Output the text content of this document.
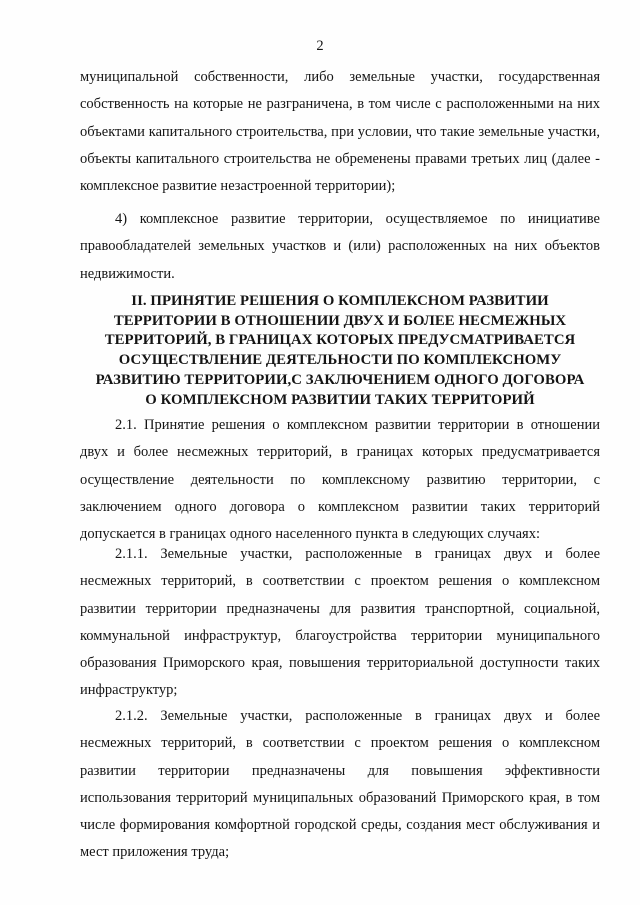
2

муниципальной собственности, либо земельные участки, государственная собственность на которые не разграничена, в том числе с расположенными на них объектами капитального строительства, при условии, что такие земельные участки, объекты капитального строительства не обременены правами третьих лиц (далее - комплексное развитие незастроенной территории);

4) комплексное развитие территории, осуществляемое по инициативе правообладателей земельных участков и (или) расположенных на них объектов недвижимости.

II. ПРИНЯТИЕ РЕШЕНИЯ О КОМПЛЕКСНОМ РАЗВИТИИ
ТЕРРИТОРИИ В ОТНОШЕНИИ ДВУХ И БОЛЕЕ НЕСМЕЖНЫХ
ТЕРРИТОРИЙ, В ГРАНИЦАХ КОТОРЫХ ПРЕДУСМАТРИВАЕТСЯ
ОСУЩЕСТВЛЕНИЕ ДЕЯТЕЛЬНОСТИ ПО КОМПЛЕКСНОМУ
РАЗВИТИЮ ТЕРРИТОРИИ,С ЗАКЛЮЧЕНИЕМ ОДНОГО ДОГОВОРА
О КОМПЛЕКСНОМ РАЗВИТИИ ТАКИХ ТЕРРИТОРИЙ

2.1. Принятие решения о комплексном развитии территории в отношении двух и более несмежных территорий, в границах которых предусматривается осуществление деятельности по комплексному развитию территории, с заключением одного договора о комплексном развитии таких территорий допускается в границах одного населенного пункта в следующих случаях:

2.1.1. Земельные участки, расположенные в границах двух и более несмежных территорий, в соответствии с проектом решения о комплексном развитии территории предназначены для развития транспортной, социальной, коммунальной инфраструктур, благоустройства территории муниципального образования Приморского края, повышения территориальной доступности таких инфраструктур;

2.1.2. Земельные участки, расположенные в границах двух и более несмежных территорий, в соответствии с проектом решения о комплексном развитии территории предназначены для повышения эффективности использования территорий муниципальных образований Приморского края, в том числе формирования комфортной городской среды, создания мест обслуживания и мест приложения труда;
